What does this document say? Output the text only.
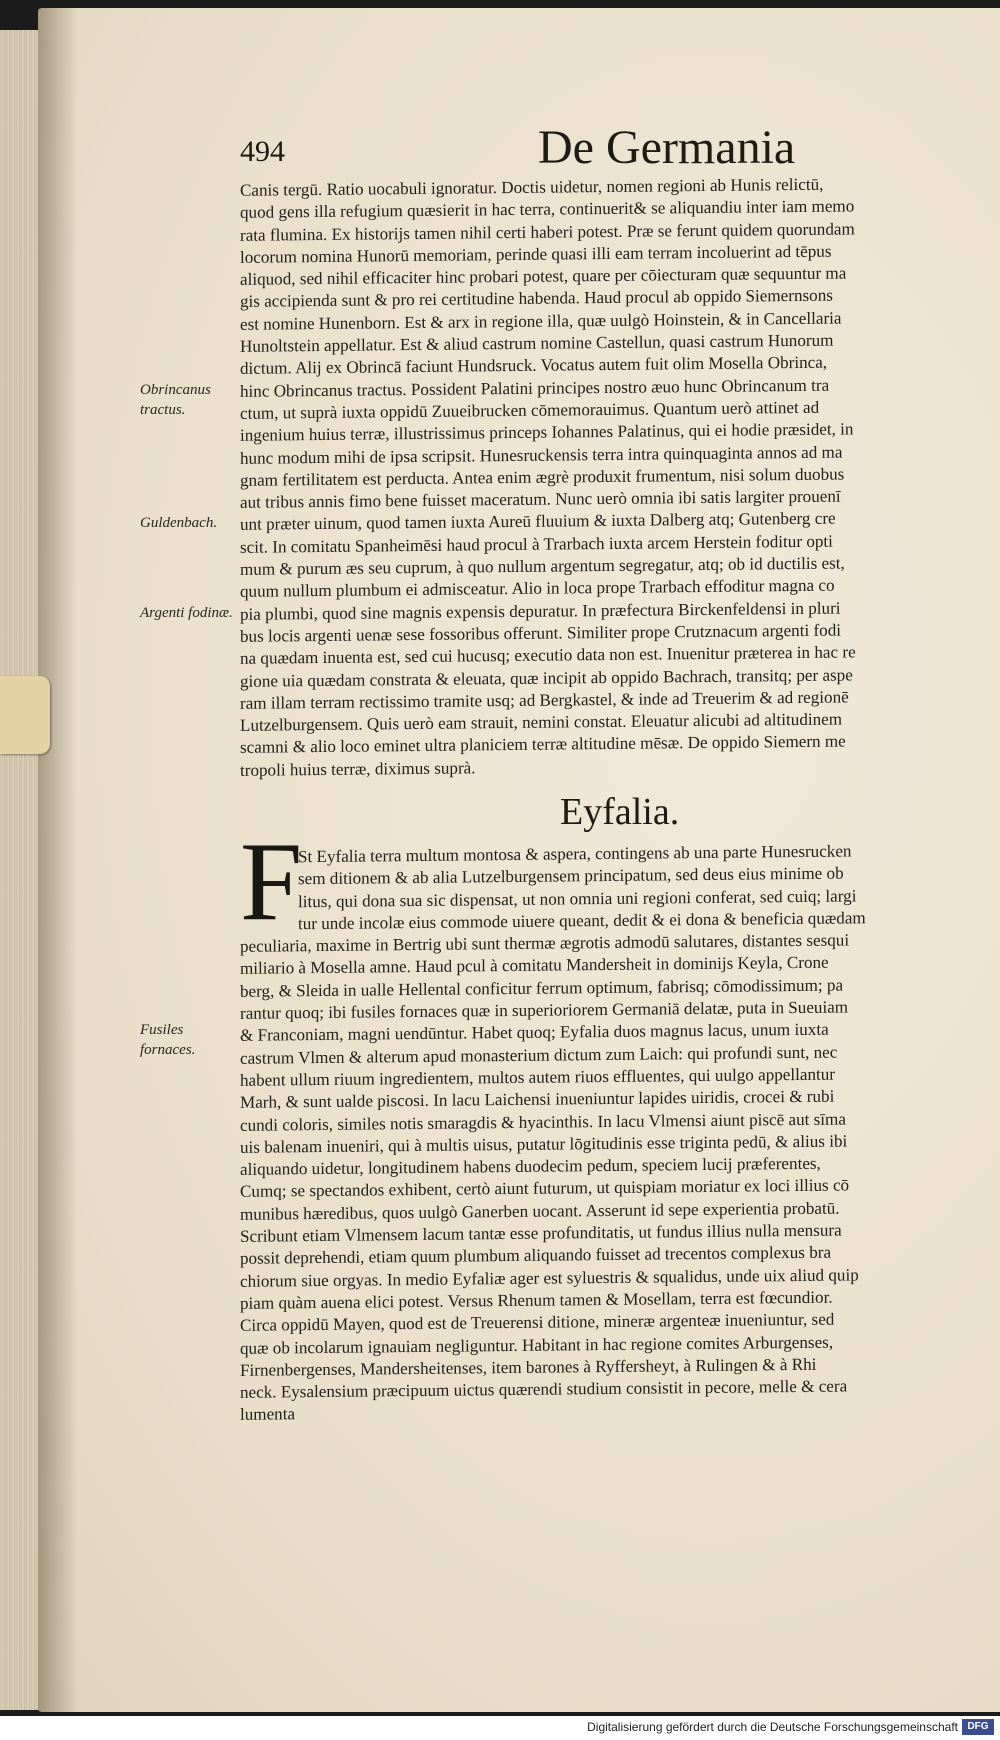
494	De Germania
Canis tergū. Ratio uocabuli ignoratur. Doctis uidetur, nomen regioni ab Hunis relictū,
quod gens illa refugium quæsierit in hac terra, continuerit& se aliquandiu inter iam memo
rata flumina. Ex historijs tamen nihil certi haberi potest. Præ se ferunt quidem quorundam
locorum nomina Hunorū memoriam, perinde quasi illi eam terram incoluerint ad tēpus
aliquod, sed nihil efficaciter hinc probari potest, quare per cōiecturam quæ sequuntur ma
gis accipienda sunt & pro rei certitudine habenda. Haud procul ab oppido Siemernsons
est nomine Hunenborn. Est & arx in regione illa, quæ uulgò Hoinstein, & in Cancellaria
Hunoltstein appellatur. Est & aliud castrum nomine Castellun, quasi castrum Hunorum
dictum. Alij ex Obrincā faciunt Hundsruck. Vocatus autem fuit olim Mosella Obrinca,
hinc Obrincanus tractus. Possident Palatini principes nostro æuo hunc Obrincanum tra
ctum, ut suprà iuxta oppidū Zuueibrucken cōmemorauimus. Quantum uerò attinet ad
ingenium huius terræ, illustrissimus princeps Iohannes Palatinus, qui ei hodie præsidet, in
hunc modum mihi de ipsa scripsit. Hunesruckensis terra intra quinquaginta annos ad ma
gnam fertilitatem est perducta. Antea enim ægrè produxit frumentum, nisi solum duobus
aut tribus annis fimo bene fuisset maceratum. Nunc uerò omnia ibi satis largiter prouenī
unt præter uinum, quod tamen iuxta Aureū fluuium & iuxta Dalberg atq; Gutenberg cre
scit. In comitatu Spanheimēsi haud procul à Trarbach iuxta arcem Herstein foditur opti
mum & purum æs seu cuprum, à quo nullum argentum segregatur, atq; ob id ductilis est,
quum nullum plumbum ei admisceatur. Alio in loca prope Trarbach effoditur magna co
pia plumbi, quod sine magnis expensis depuratur. In præfectura Birckenfeldensi in pluri
bus locis argenti uenæ sese fossoribus offerunt. Similiter prope Crutznacum argenti fodi
na quædam inuenta est, sed cui hucusq; executio data non est. Inuenitur præterea in hac re
gione uia quædam constrata & eleuata, quæ incipit ab oppido Bachrach, transitq; per aspe
ram illam terram rectissimo tramite usq; ad Bergkastel, & inde ad Treuerim & ad regionē
Lutzelburgensem. Quis uerò eam strauit, nemini constat. Eleuatur alicubi ad altitudinem
scamni & alio loco eminet ultra planiciem terræ altitudine mēsæ. De oppido Siemern me
tropoli huius terræ, diximus suprà.
Obrincanus tractus.
Guldenbach.
Argenti fodinæ.
Fusiles fornaces.
Eyfalia.
F
St Eyfalia terra multum montosa & aspera, contingens ab una parte Hunesrucken
sem ditionem & ab alia Lutzelburgensem principatum, sed deus eius minime ob
litus, qui dona sua sic dispensat, ut non omnia uni regioni conferat, sed cuiq; largi
tur unde incolæ eius commode uiuere queant, dedit & ei dona & beneficia quædam
peculiaria, maxime in Bertrig ubi sunt thermæ ægrotis admodū salutares, distantes sesqui
miliario à Mosella amne. Haud pcul à comitatu Mandersheit in dominijs Keyla, Crone
berg, & Sleida in ualle Hellental conficitur ferrum optimum, fabrisq; cōmodissimum; pa
rantur quoq; ibi fusiles fornaces quæ in superioriorem Germaniā delatæ, puta in Sueuiam
& Franconiam, magni uendūntur. Habet quoq; Eyfalia duos magnus lacus, unum iuxta
castrum Vlmen & alterum apud monasterium dictum zum Laich: qui profundi sunt, nec
habent ullum riuum ingredientem, multos autem riuos effluentes, qui uulgo appellantur
Marh, & sunt ualde piscosi. In lacu Laichensi inueniuntur lapides uiridis, crocei & rubi
cundi coloris, similes notis smaragdis & hyacinthis. In lacu Vlmensi aiunt piscē aut sīma
uis balenam inueniri, qui à multis uisus, putatur lōgitudinis esse triginta pedū, & alius ibi
aliquando uidetur, longitudinem habens duodecim pedum, speciem lucij præferentes,
Cumq; se spectandos exhibent, certò aiunt futurum, ut quispiam moriatur ex loci illius cō
munibus hæredibus, quos uulgò Ganerben uocant. Asserunt id sepe experientia probatū.
Scribunt etiam Vlmensem lacum tantæ esse profunditatis, ut fundus illius nulla mensura
possit deprehendi, etiam quum plumbum aliquando fuisset ad trecentos complexus bra
chiorum siue orgyas. In medio Eyfaliæ ager est syluestris & squalidus, unde uix aliud quip
piam quàm auena elici potest. Versus Rhenum tamen & Mosellam, terra est fœcundior.
Circa oppidū Mayen, quod est de Treuerensi ditione, mineræ argenteæ inueniuntur, sed
quæ ob incolarum ignauiam negliguntur. Habitant in hac regione comites Arburgenses,
Firnenbergenses, Mandersheitenses, item barones à Ryffersheyt, à Rulingen & à Rhi
neck. Eysalensium præcipuum uictus quærendi studium consistit in pecore, melle & cera
lumenta
Digitalisierung gefördert durch die Deutsche Forschungsgemeinschaft DFG
